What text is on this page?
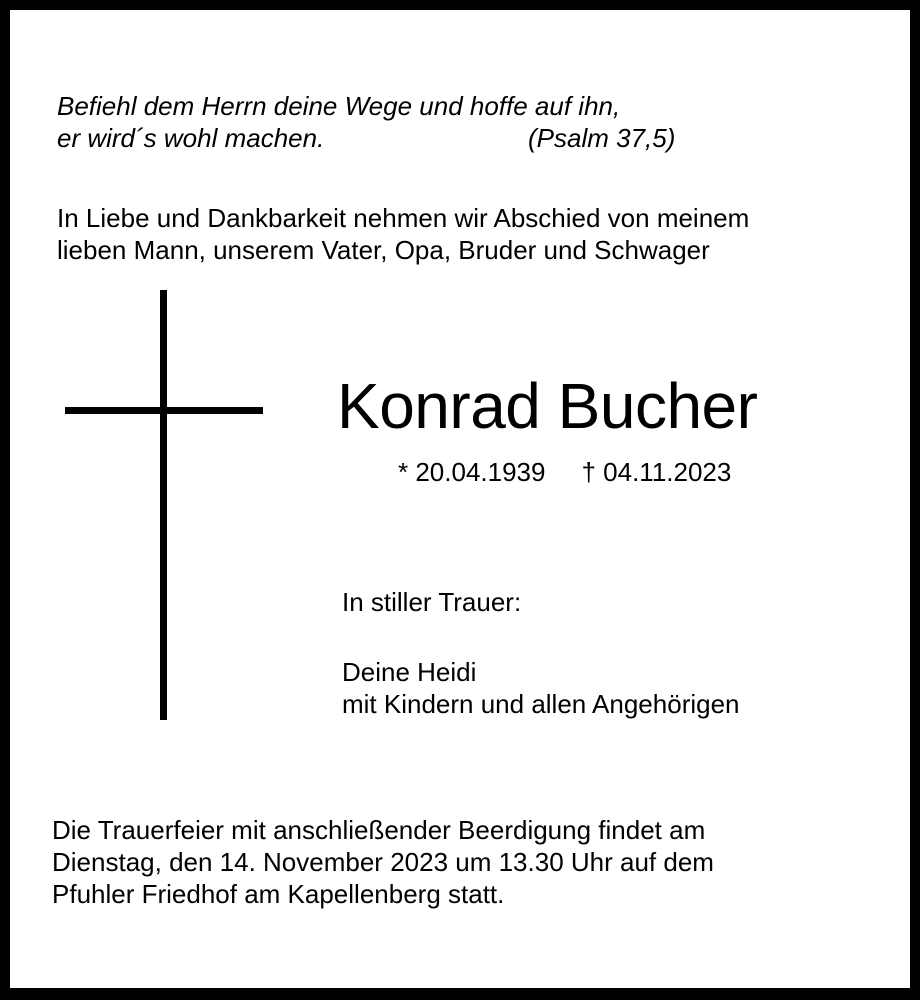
Befiehl dem Herrn deine Wege und hoffe auf ihn,
er wird´s wohl machen.	(Psalm 37,5)
In Liebe und Dankbarkeit nehmen wir Abschied von meinem
lieben Mann, unserem Vater, Opa, Bruder und Schwager
Konrad Bucher
* 20.04.1939 † 04.11.2023
In stiller Trauer:
Deine Heidi
mit Kindern und allen Angehörigen
Die Trauerfeier mit anschließender Beerdigung findet am
Dienstag, den 14. November 2023 um 13.30 Uhr auf dem
Pfuhler Friedhof am Kapellenberg statt.
